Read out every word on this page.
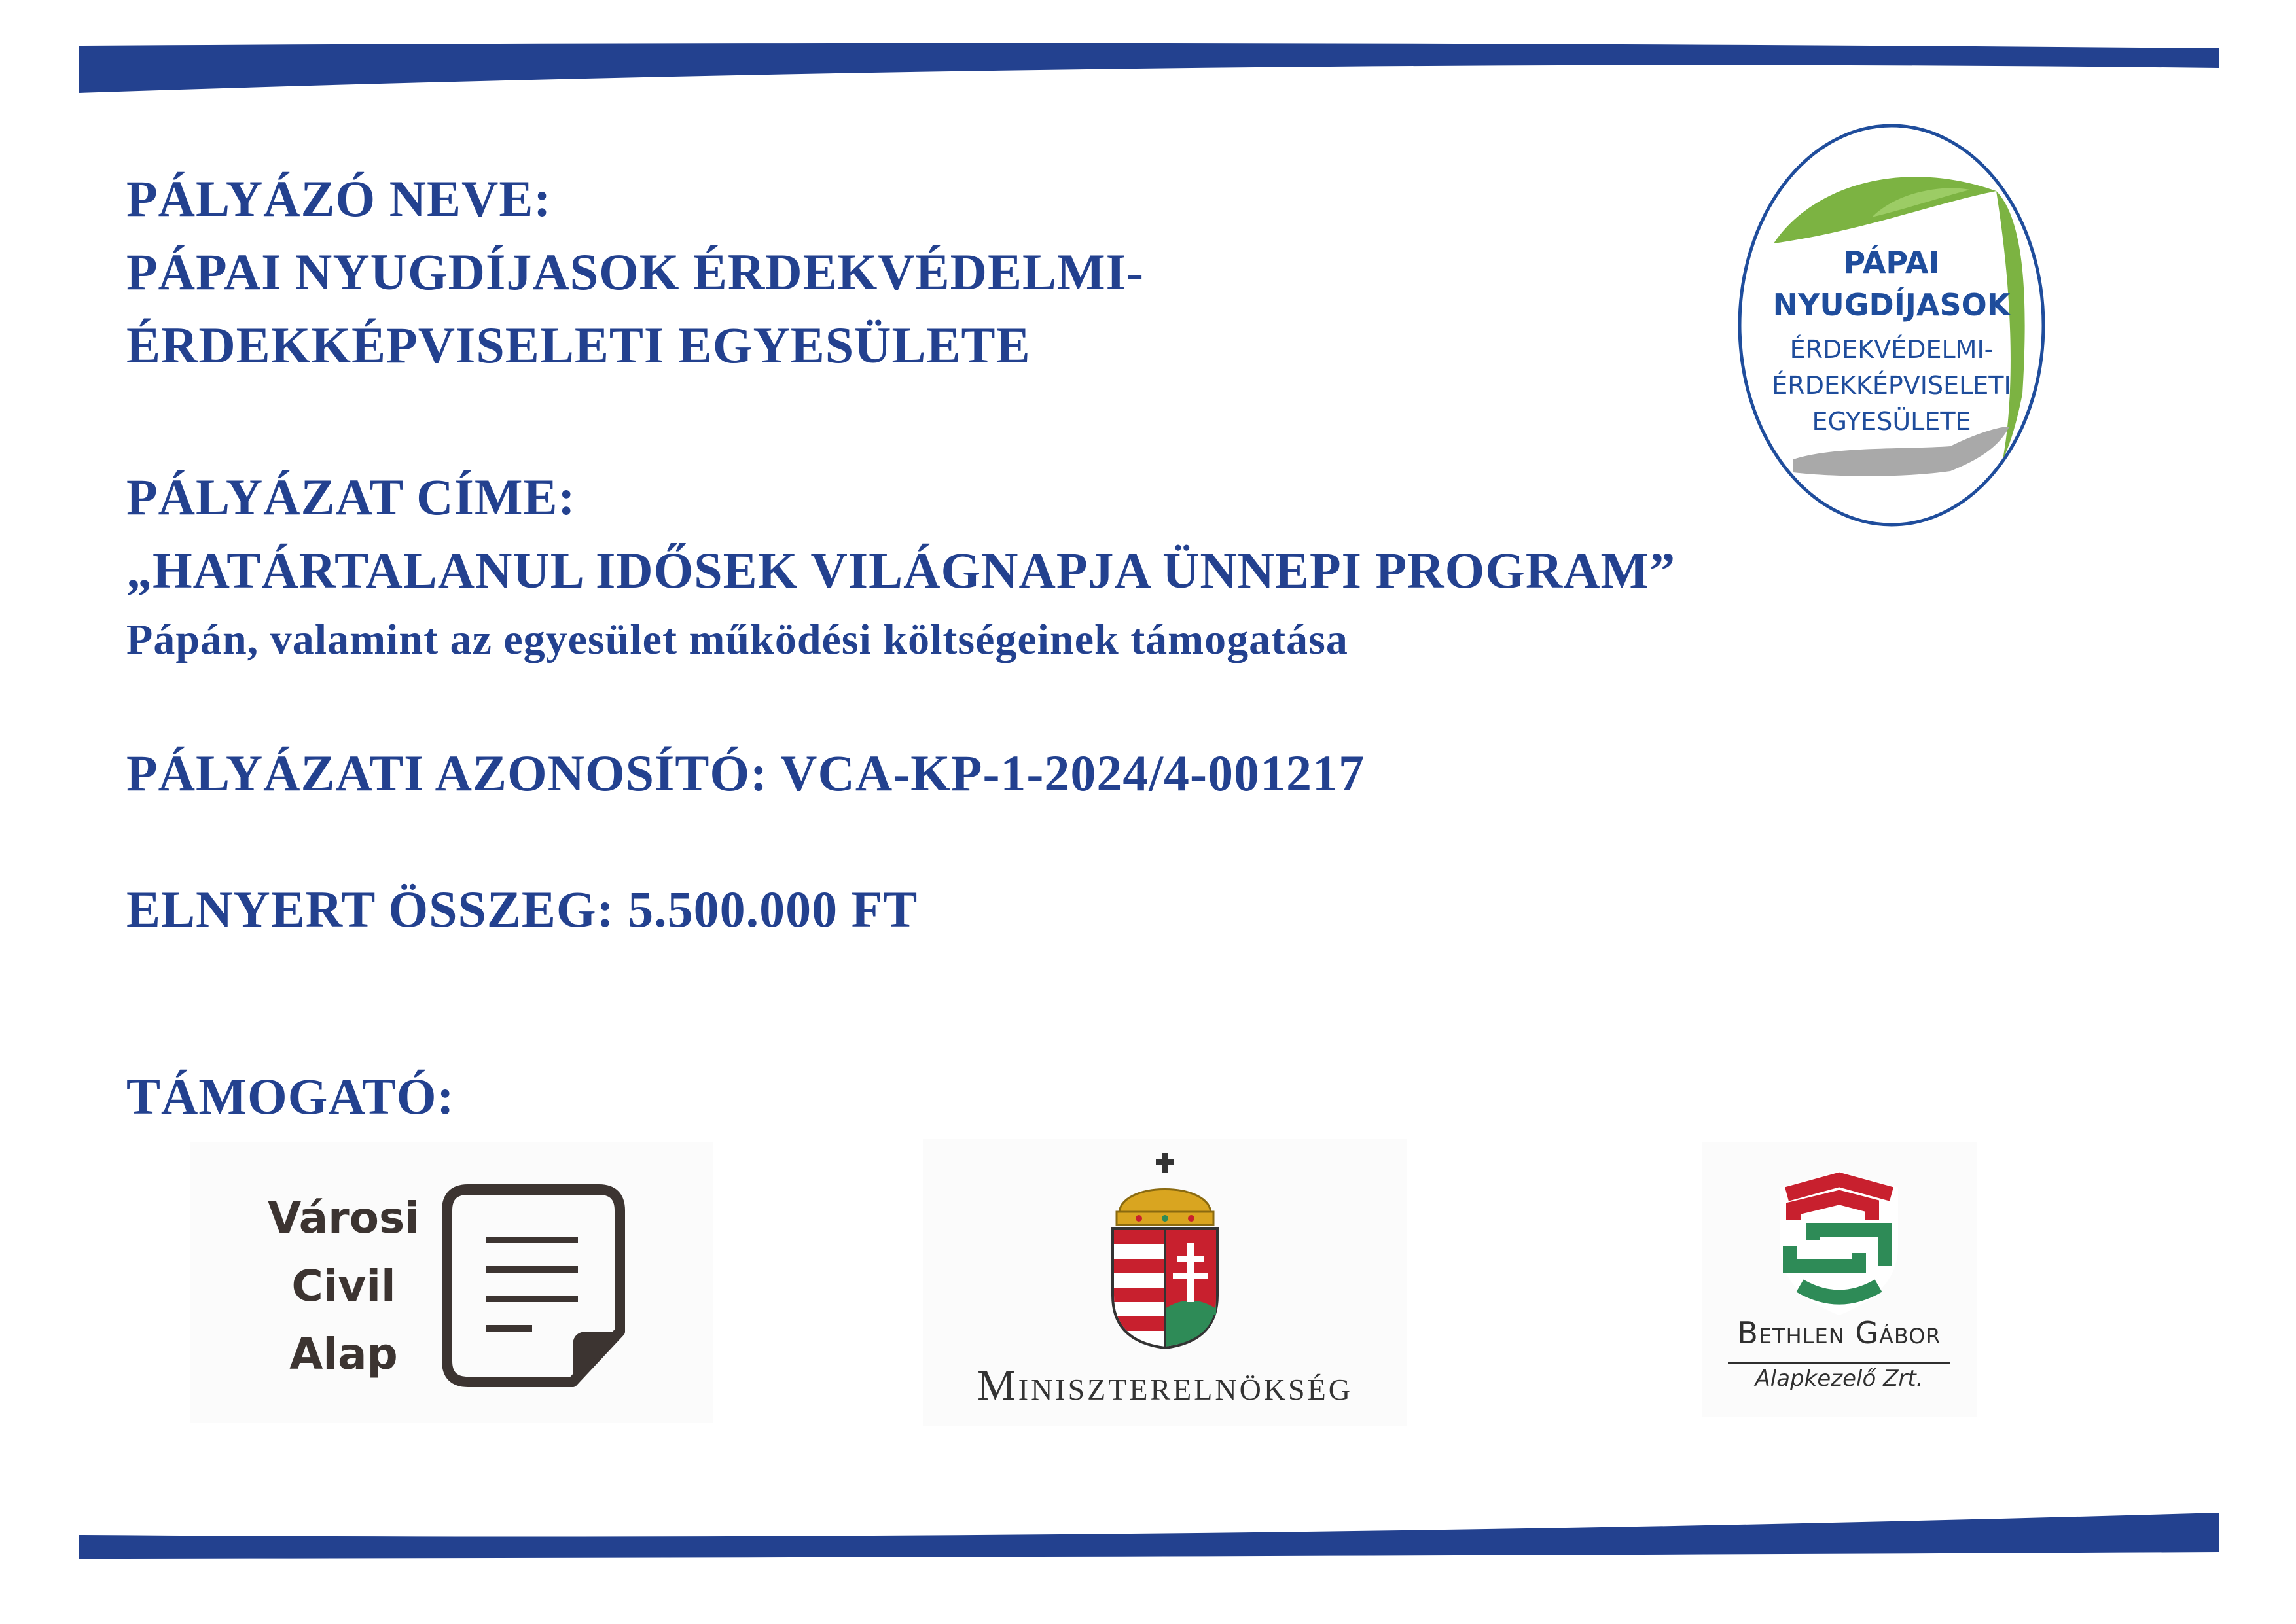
PÁLYÁZÓ NEVE:

PÁPAI NYUGDÍJASOK ÉRDEKVÉDELMI-

ÉRDEKKÉPVISELETI EGYESÜLETE

PÁLYÁZAT CÍME:

„HATÁRTALANUL IDŐSEK VILÁGNAPJA ÜNNEPI PROGRAM”

Pápán, valamint az egyesület működési költségeinek támogatása

PÁLYÁZATI AZONOSÍTÓ: VCA-KP-1-2024/4-001217

ELNYERT ÖSSZEG: 5.500.000 FT

TÁMOGATÓ:

PÁPAI
NYUGDÍJASOK
ÉRDEKVÉDELMI-
ÉRDEKKÉPVISELETI
EGYESÜLETE
Városi
Civil
Alap
Miniszterelnökség
Bethlen Gábor
Alapkezelő Zrt.
